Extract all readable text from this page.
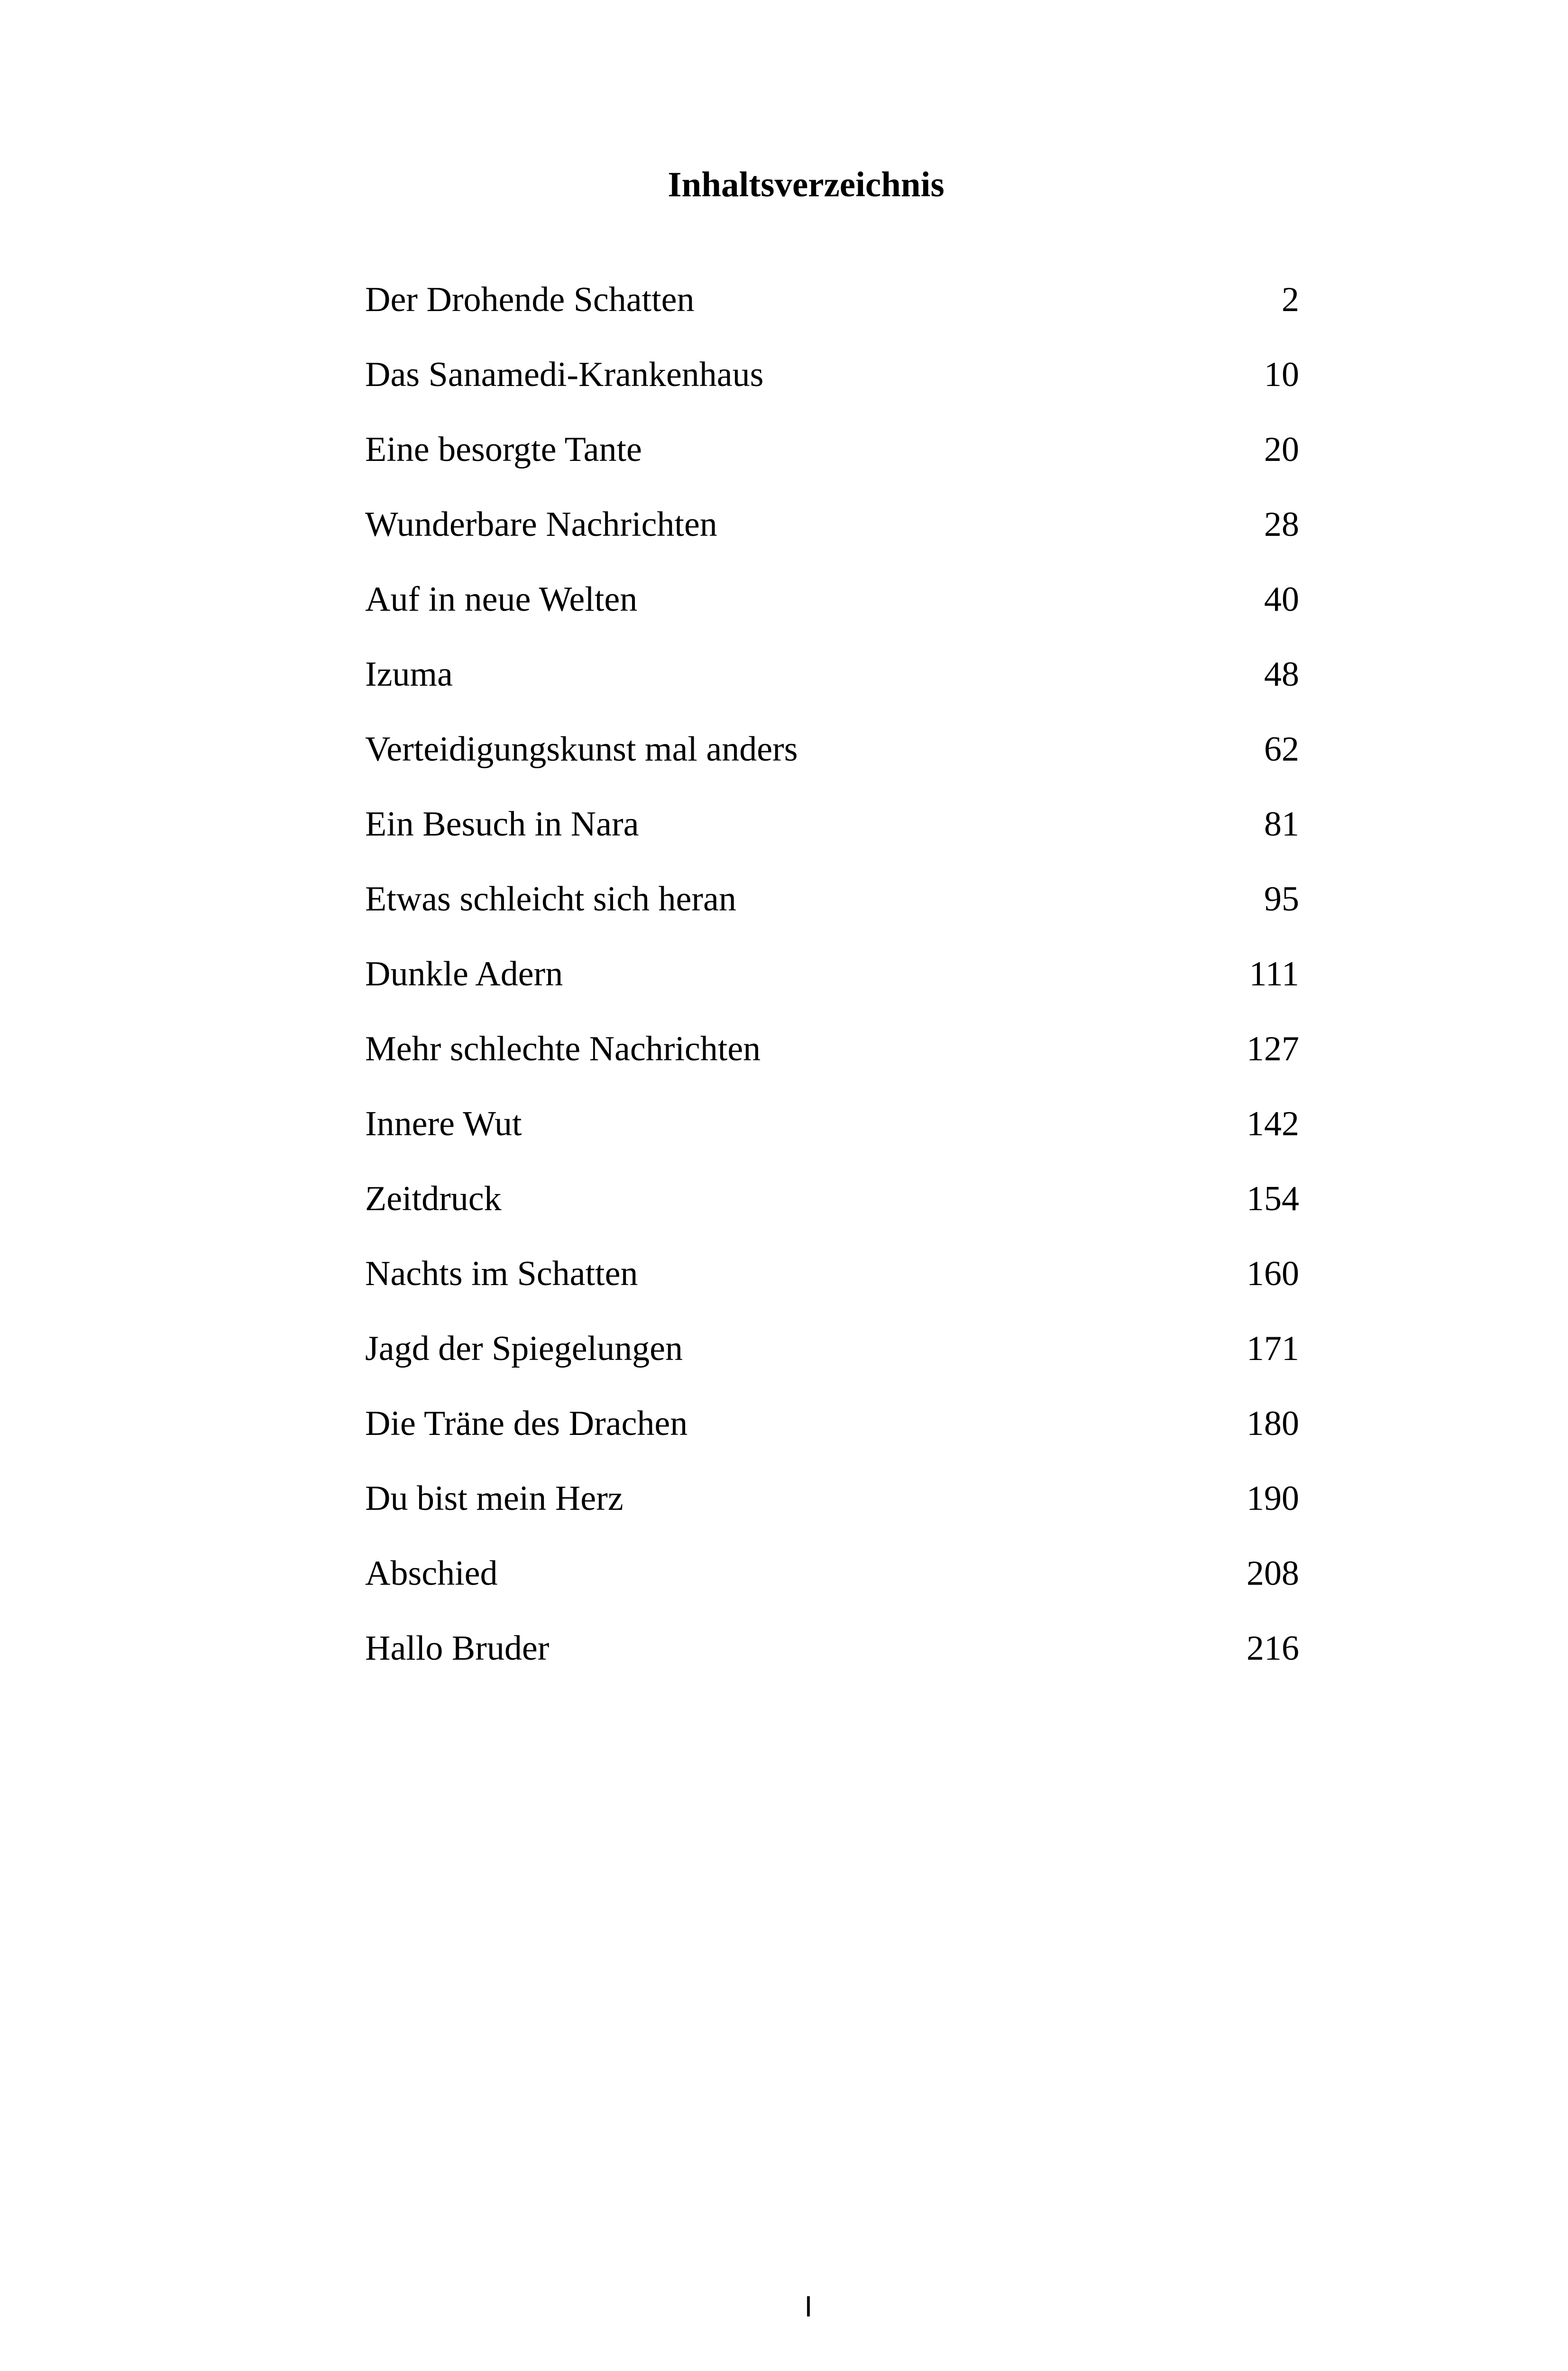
Inhaltsverzeichnis
Der Drohende Schatten	2
Das Sanamedi-Krankenhaus	10
Eine besorgte Tante	20
Wunderbare Nachrichten	28
Auf in neue Welten	40
Izuma	48
Verteidigungskunst mal anders	62
Ein Besuch in Nara	81
Etwas schleicht sich heran	95
Dunkle Adern	111
Mehr schlechte Nachrichten	127
Innere Wut	142
Zeitdruck	154
Nachts im Schatten	160
Jagd der Spiegelungen	171
Die Träne des Drachen	180
Du bist mein Herz	190
Abschied	208
Hallo Bruder	216
I
